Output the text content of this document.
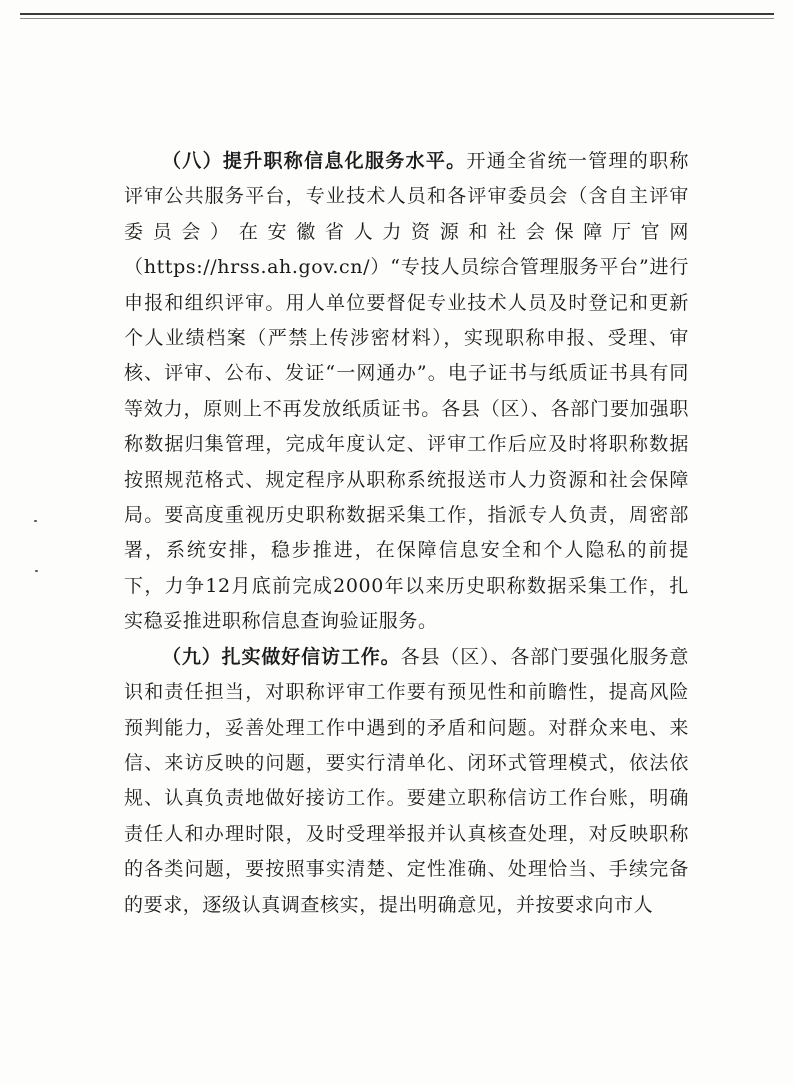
（八）提升职称信息化服务水平。开通全省统一管理的职称评审公共服务平台，专业技术人员和各评审委员会（含自主评审委员会）在安徽省人力资源和社会保障厅官网（https://hrss.ah.gov.cn/）“专技人员综合管理服务平台”进行申报和组织评审。用人单位要督促专业技术人员及时登记和更新个人业绩档案（严禁上传涉密材料），实现职称申报、受理、审核、评审、公布、发证“一网通办”。电子证书与纸质证书具有同等效力，原则上不再发放纸质证书。各县（区）、各部门要加强职称数据归集管理，完成年度认定、评审工作后应及时将职称数据按照规范格式、规定程序从职称系统报送市人力资源和社会保障局。要高度重视历史职称数据采集工作，指派专人负责，周密部署，系统安排，稳步推进，在保障信息安全和个人隐私的前提下，力争12月底前完成2000年以来历史职称数据采集工作，扎实稳妥推进职称信息查询验证服务。

（九）扎实做好信访工作。各县（区）、各部门要强化服务意识和责任担当，对职称评审工作要有预见性和前瞻性，提高风险预判能力，妥善处理工作中遇到的矛盾和问题。对群众来电、来信、来访反映的问题，要实行清单化、闭环式管理模式，依法依规、认真负责地做好接访工作。要建立职称信访工作台账，明确责任人和办理时限，及时受理举报并认真核查处理，对反映职称的各类问题，要按照事实清楚、定性准确、处理恰当、手续完备的要求，逐级认真调查核实，提出明确意见，并按要求向市人
